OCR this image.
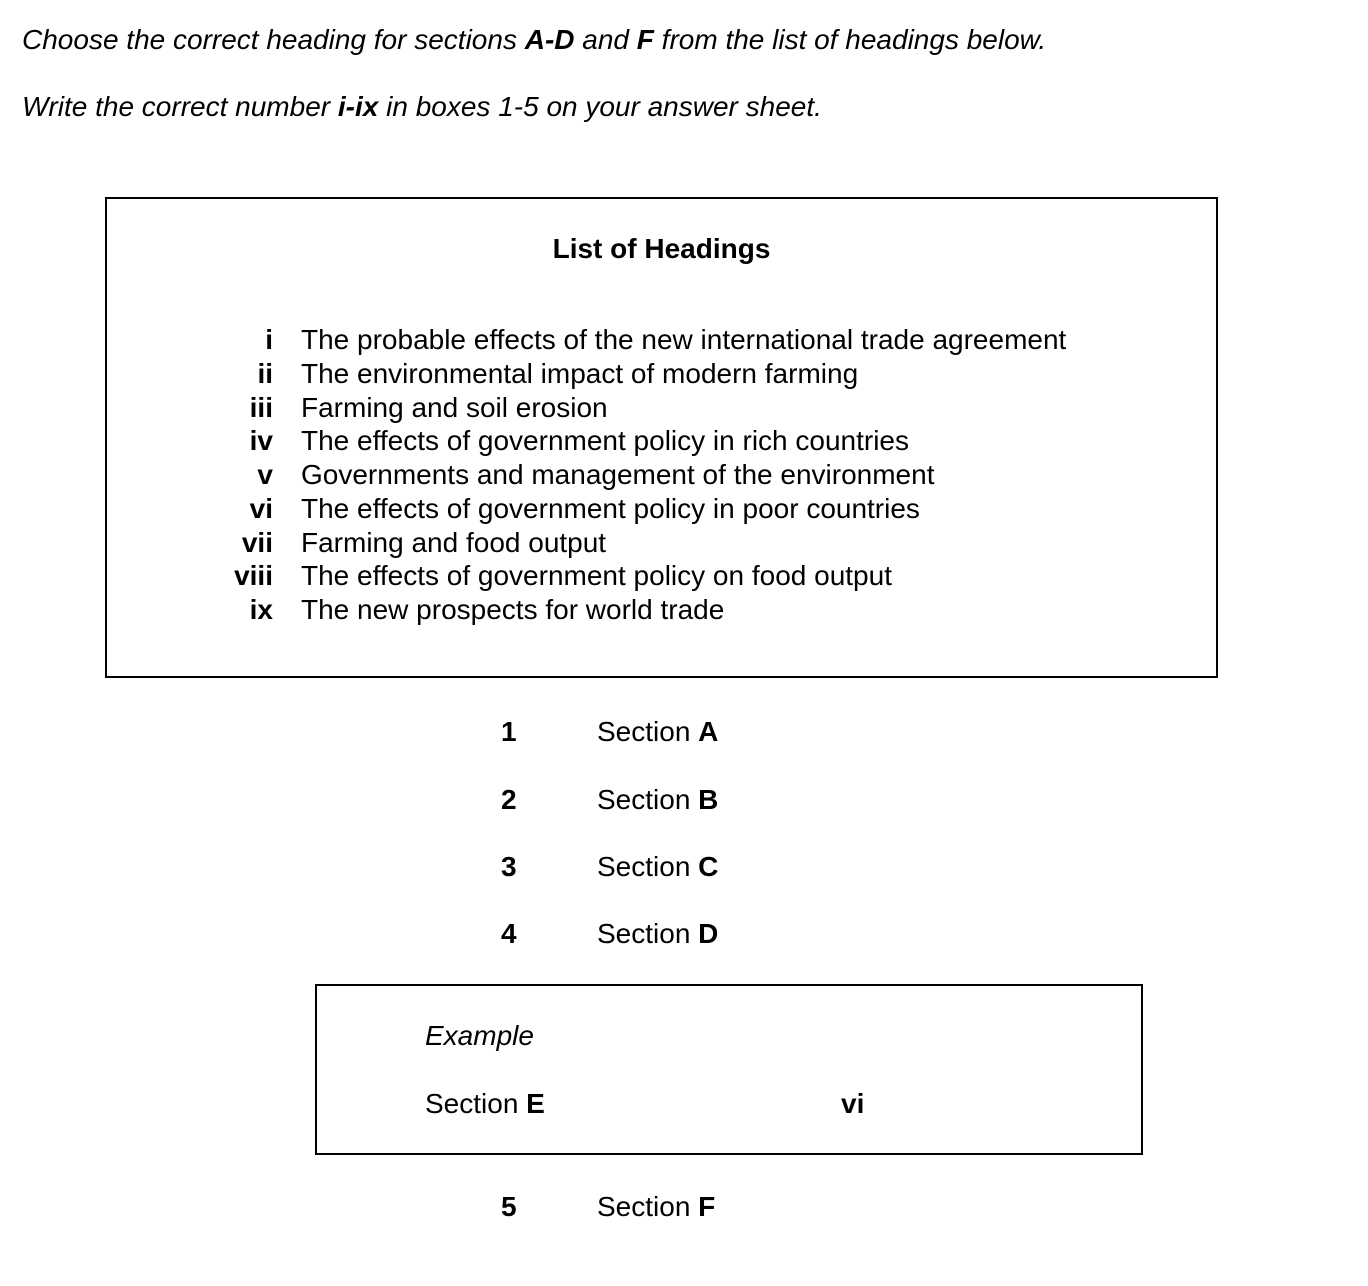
Choose the correct heading for sections A-D and F from the list of headings below.

Write the correct number i-ix in boxes 1-5 on your answer sheet.

List of Headings

i The probable effects of the new international trade agreement
ii The environmental impact of modern farming
iii Farming and soil erosion
iv The effects of government policy in rich countries
v Governments and management of the environment
vi The effects of government policy in poor countries
vii Farming and food output
viii The effects of government policy on food output
ix The new prospects for world trade
1	Section A
2	Section B
3	Section C
4	Section D

Example

Section E	vi
5	Section F
